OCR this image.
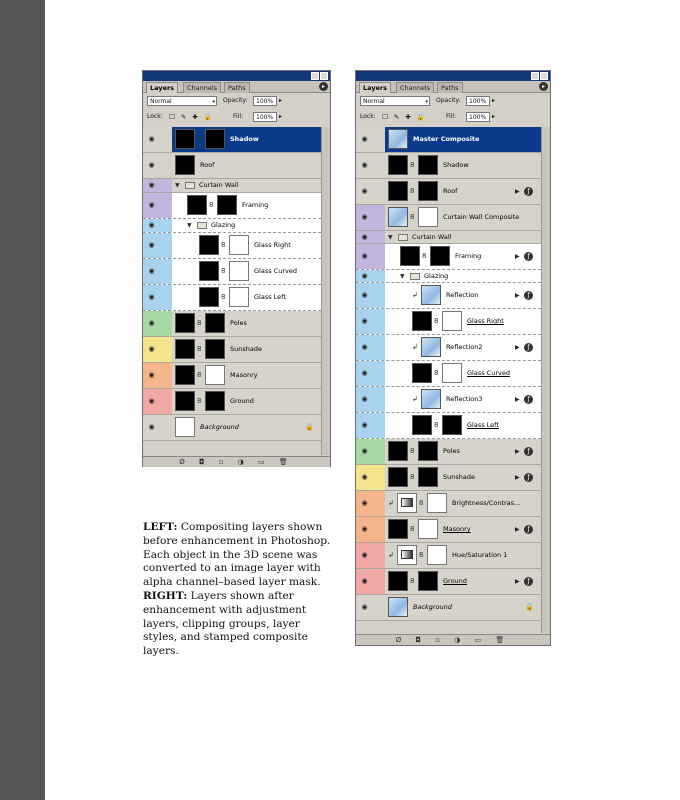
Layers	Channels	Paths	▸
Normal	▾ Opacity:	100% ▸
Lock: ☐ ✎ ✚ 🔒	Fill:	100% ▸
◉	8	Shadow
◉	Roof
◉	▼	Curtain Wall
◉	8	Framing
◉	▼	Glazing
◉	8	Glass Right
◉	8	Glass Curved
◉	8	Glass Left
◉	8	Poles
◉	8	Sunshade
◉	8	Masonry
◉	8	Ground
◉	Background	🔒
Ø ◘ ▫ ◑ ▭ 🗑
Layers	Channels	Paths	▸
Normal	▾ Opacity:	100% ▸
Lock: ☐ ✎ ✚ 🔒	Fill:	100% ▸
◉	Master Composite
◉	8	Shadow
◉	8	Roof	▶	ƒ
◉	8	Curtain Wall Composite
◉	▼	Curtain Wall
◉	8	Framing	▶	ƒ
◉	▼	Glazing
◉	↲	Reflection	▶	ƒ
◉	8	Glass Right
◉	↲	Reflection2	▶	ƒ
◉	8	Glass Curved
◉	↲	Reflection3	▶	ƒ
◉	8	Glass Left
◉	8	Poles	▶	ƒ
◉	8	Sunshade	▶	ƒ
◉	↲	8	Brightness/Contras...
◉	8	Masonry	▶	ƒ
◉	↲	8	Hue/Saturation 1
◉	8	Ground	▶	ƒ
◉	Background	🔒
Ø ◘ ▫ ◑ ▭ 🗑
LEFT: Compositing layers shown before enhancement in Photoshop. Each object in the 3D scene was converted to an image layer with alpha channel–based layer mask.
RIGHT: Layers shown after enhancement with adjustment layers, clipping groups, layer styles, and stamped composite layers.
